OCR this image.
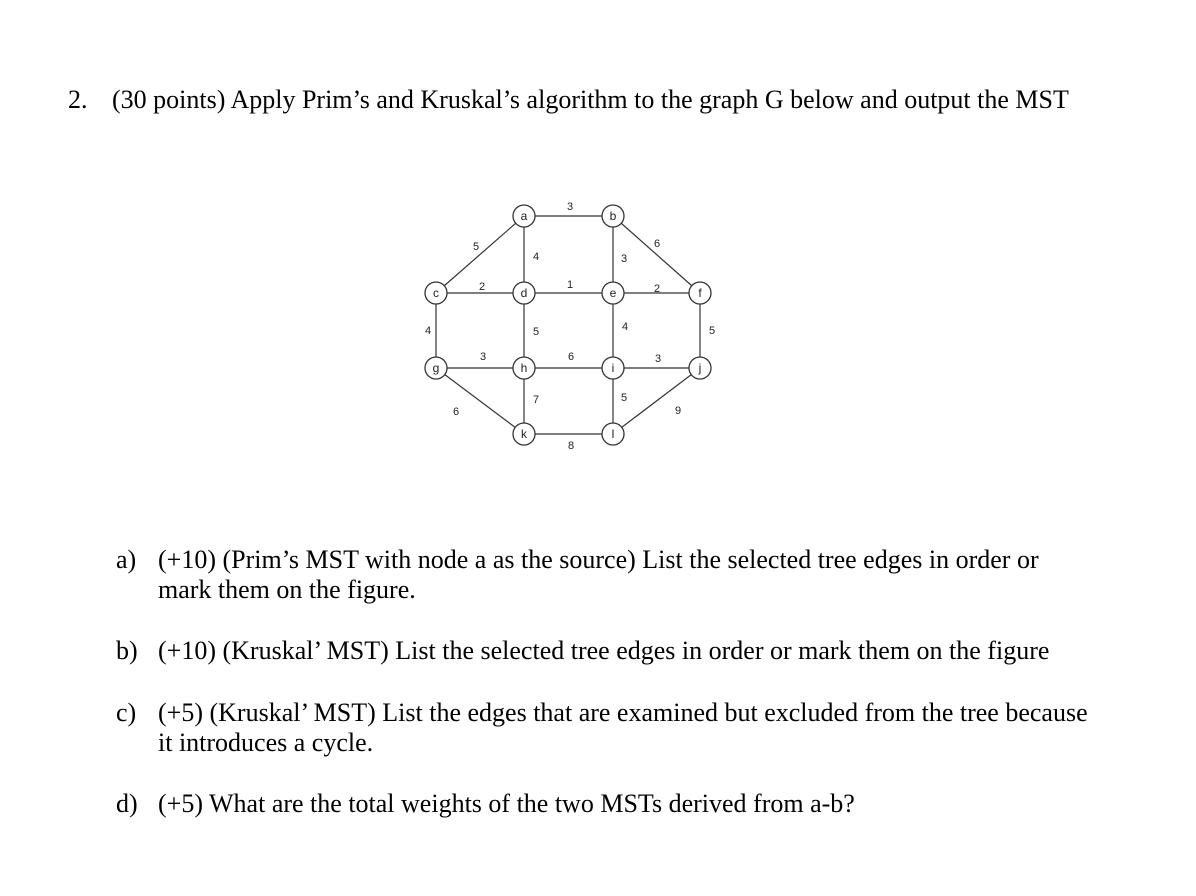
2. (30 points) Apply Prim’s and Kruskal’s algorithm to the graph G below and output the MST
3
5
4	3
6
2	1	2
4	5	4	5
3	6	3
6
7	5
9
8
a	b
c	d	e	f
g	h	i	j
k	l
a) (+10) (Prim’s MST with node a as the source) List the selected tree edges in order or mark them on the figure.
b) (+10) (Kruskal’ MST) List the selected tree edges in order or mark them on the figure
c) (+5) (Kruskal’ MST) List the edges that are examined but excluded from the tree because it introduces a cycle.
d) (+5) What are the total weights of the two MSTs derived from a-b?
